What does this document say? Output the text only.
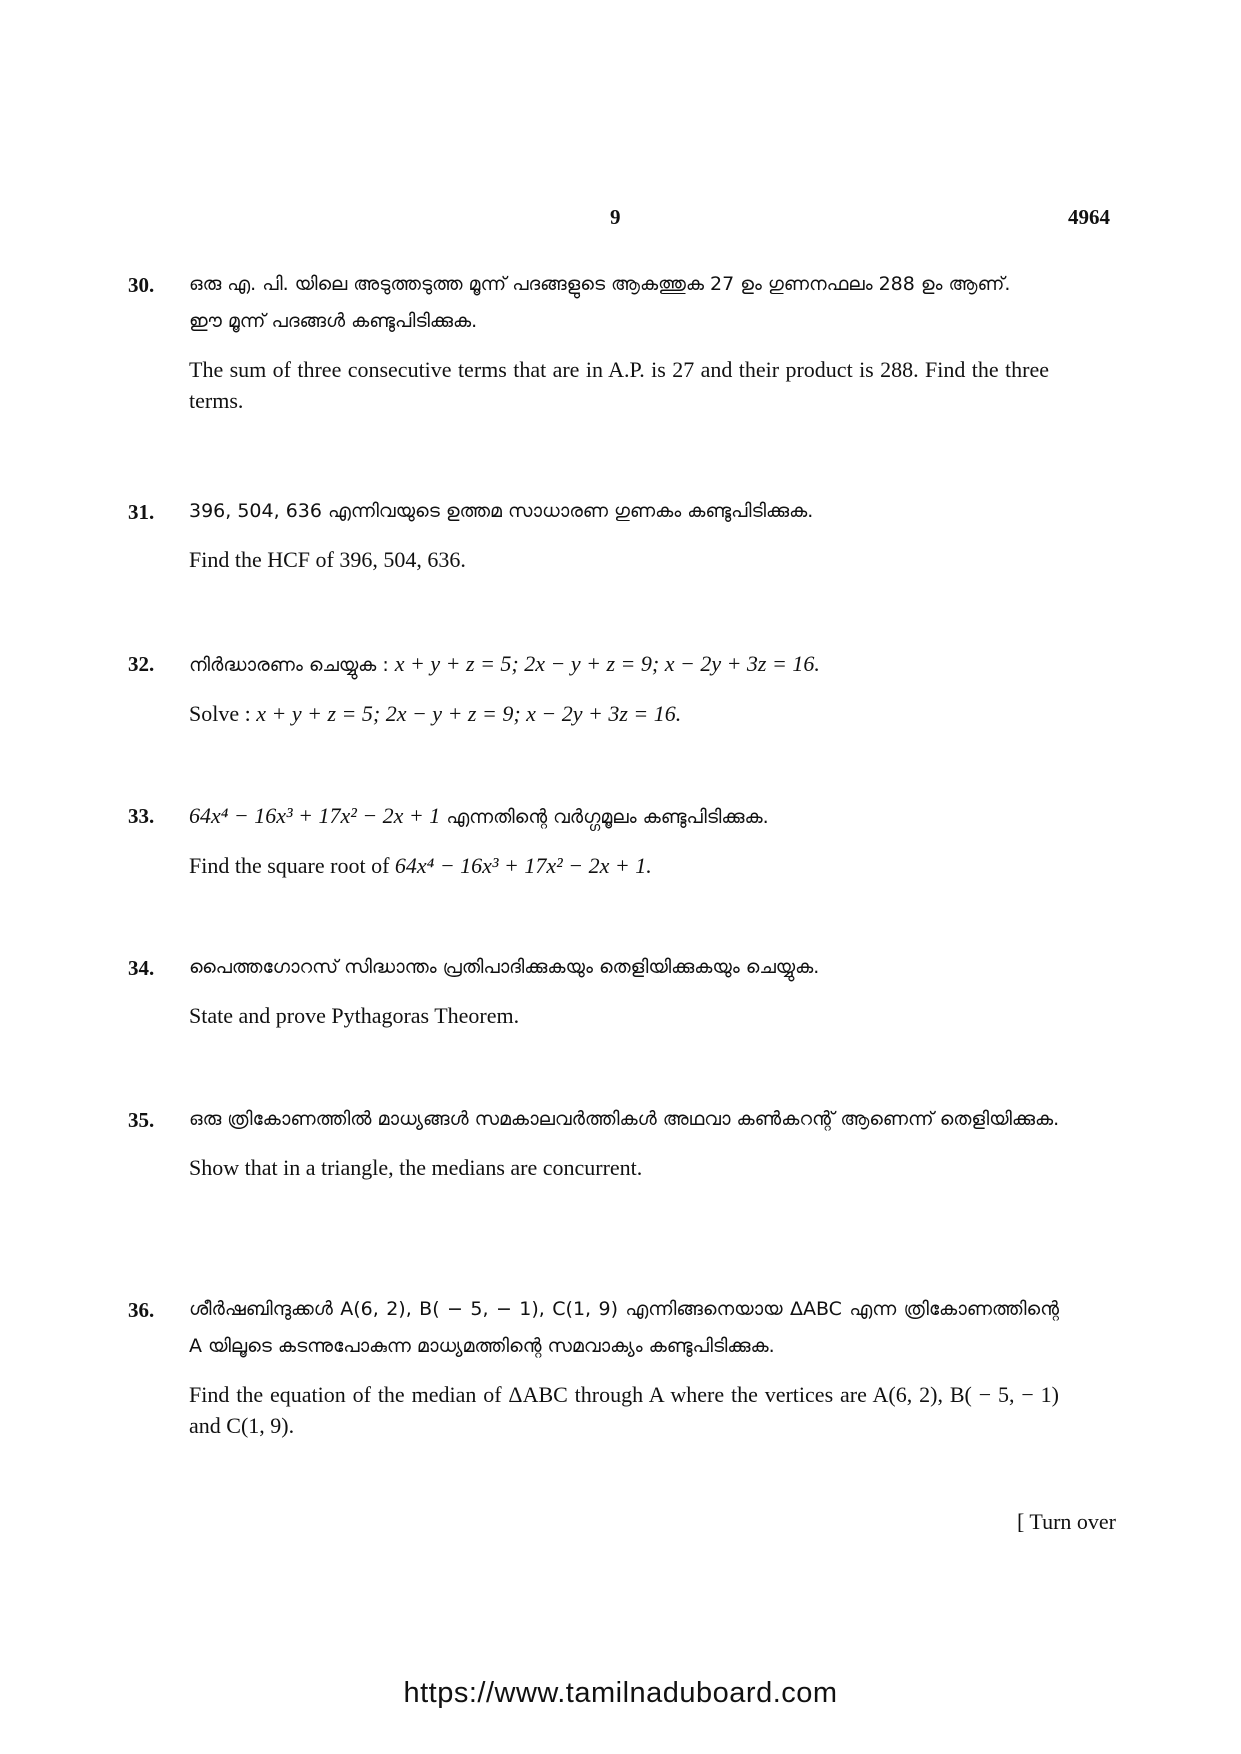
9	4964
30. ഒരു എ. പി. യിലെ അടുത്തടുത്ത മൂന്ന് പദങ്ങളുടെ ആകത്തുക 27 ഉം ഗുണനഫലം 288 ഉം ആണ്. ഈ മൂന്ന് പദങ്ങൾ കണ്ടുപിടിക്കുക.

The sum of three consecutive terms that are in A.P. is 27 and their product is 288. Find the three terms.

31. 396, 504, 636 എന്നിവയുടെ ഉത്തമ സാധാരണ ഗുണകം കണ്ടുപിടിക്കുക.

Find the HCF of 396, 504, 636.

32. നിർദ്ധാരണം ചെയ്യുക : x + y + z = 5; 2x − y + z = 9; x − 2y + 3z = 16.

Solve : x + y + z = 5; 2x − y + z = 9; x − 2y + 3z = 16.

33. 64x⁴ − 16x³ + 17x² − 2x + 1 എന്നതിന്റെ വർഗ്ഗമൂലം കണ്ടുപിടിക്കുക.

Find the square root of 64x⁴ − 16x³ + 17x² − 2x + 1.

34. പൈത്തഗോറസ് സിദ്ധാന്തം പ്രതിപാദിക്കുകയും തെളിയിക്കുകയും ചെയ്യുക.

State and prove Pythagoras Theorem.

35. ഒരു ത്രികോണത്തിൽ മാധ്യങ്ങൾ സമകാലവർത്തികൾ അഥവാ കൺകറന്റ് ആണെന്ന് തെളിയിക്കുക.

Show that in a triangle, the medians are concurrent.

36. ശീർഷബിന്ദുക്കൾ A(6, 2), B( − 5, − 1), C(1, 9) എന്നിങ്ങനെയായ ΔABC എന്ന ത്രികോണത്തിന്റെ A യിലൂടെ കടന്നുപോകുന്ന മാധ്യമത്തിന്റെ സമവാക്യം കണ്ടുപിടിക്കുക.

Find the equation of the median of ΔABC through A where the vertices are A(6, 2), B( − 5, − 1) and C(1, 9).

[ Turn over
https://www.tamilnaduboard.com
